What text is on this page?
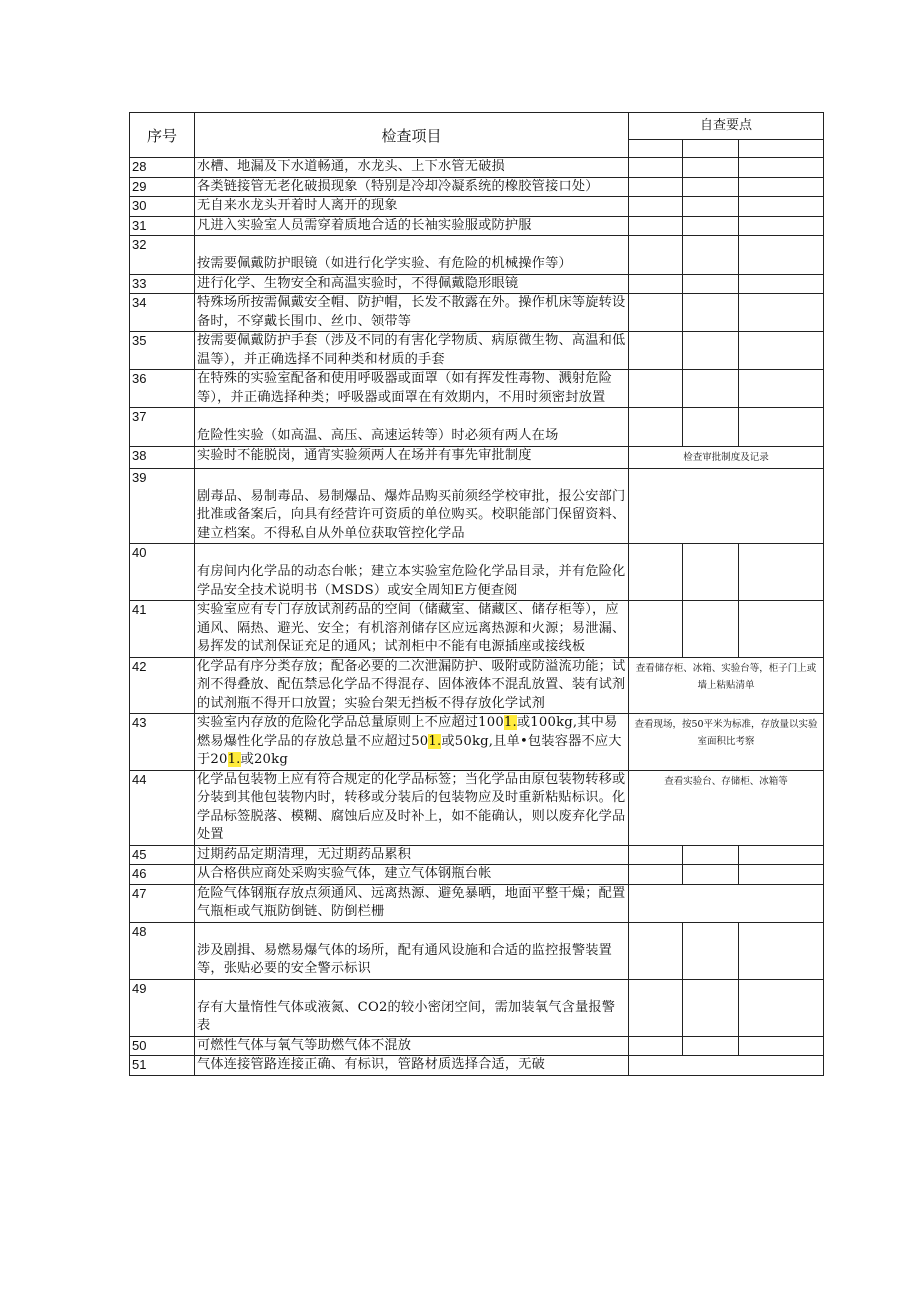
序号	检查项目	自查要点		

28	水槽、地漏及下水道畅通，水龙头、上下水管无破损			
29	各类链接管无老化破损现象（特别是冷却冷凝系统的橡胶管接口处）			
30	无自来水龙头开着时人离开的现象			
31	凡进入实验室人员需穿着质地合适的长袖实验服或防护服			
32	按需要佩戴防护眼镜（如进行化学实验、有危险的机械操作等）			
33	进行化学、生物安全和高温实验时，不得佩戴隐形眼镜			
34	特殊场所按需佩戴安全帽、防护帽，长发不散露在外。操作机床等旋转设备时，不穿戴长围巾、丝巾、领带等			
35	按需要佩戴防护手套（涉及不同的有害化学物质、病原微生物、高温和低温等），并正确选择不同种类和材质的手套			
36	在特殊的实验室配备和使用呼吸器或面罩（如有挥发性毒物、溅射危险等），并正确选择种类；呼吸器或面罩在有效期内，不用时须密封放置			
37	危险性实验（如高温、高压、高速运转等）时必须有两人在场			
38	实验时不能脱岗，通宵实验须两人在场并有事先审批制度	检查审批制度及记录		
39	剧毒品、易制毒品、易制爆品、爆炸品购买前须经学校审批，报公安部门批准或备案后，向具有经营许可资质的单位购买。校职能部门保留资料、建立档案。不得私自从外单位获取管控化学品			
40	有房间内化学品的动态台帐；建立本实验室危险化学品目录，并有危险化学品安全技术说明书（MSDS）或安全周知E方便查阅			
41	实验室应有专门存放试剂药品的空间（储藏室、储藏区、储存柜等），应通风、隔热、避光、安全；有机溶剂储存区应远离热源和火源；易泄漏、易挥发的试剂保证充足的通风；试剂柜中不能有电源插座或接线板			
42	化学品有序分类存放；配备必要的二次泄漏防护、吸附或防溢流功能；试剂不得叠放、配伍禁忌化学品不得混存、固体液体不混乱放置、装有试剂的试剂瓶不得开口放置；实验台架无挡板不得存放化学试剂	查看储存柜、冰箱、实验台等，柜子门上或墙上粘贴清单		
43	实验室内存放的危险化学品总量原则上不应超过1001.或100kg,其中易燃易爆性化学品的存放总量不应超过501.或50kg,且单•包装容器不应大于201.或20kg	查看现场，按50平米为标准，存放量以实验室面积比考察		
44	化学品包装物上应有符合规定的化学品标签；当化学品由原包装物转移或分装到其他包装物内时，转移或分装后的包装物应及时重新粘贴标识。化学品标签脱落、模糊、腐蚀后应及时补上，如不能确认，则以废弃化学品处置	查看实验台、存储柜、冰箱等		
45	过期药品定期清理，无过期药品累积			
46	从合格供应商处采购实验气体，建立气体钢瓶台帐			
47	危险气体钢瓶存放点须通风、远离热源、避免暴晒，地面平整干燥；配置气瓶柜或气瓶防倒链、防倒栏栅			
48	涉及剧揖、易燃易爆气体的场所，配有通风设施和合适的监控报警装置等，张贴必要的安全警示标识			
49	存有大量惰性气体或液氮、CO2的较小密闭空间，需加装氧气含量报警表			
50	可燃性气体与氧气等助燃气体不混放			
51	气体连接管路连接正确、有标识，管路材质选择合适，无破			
